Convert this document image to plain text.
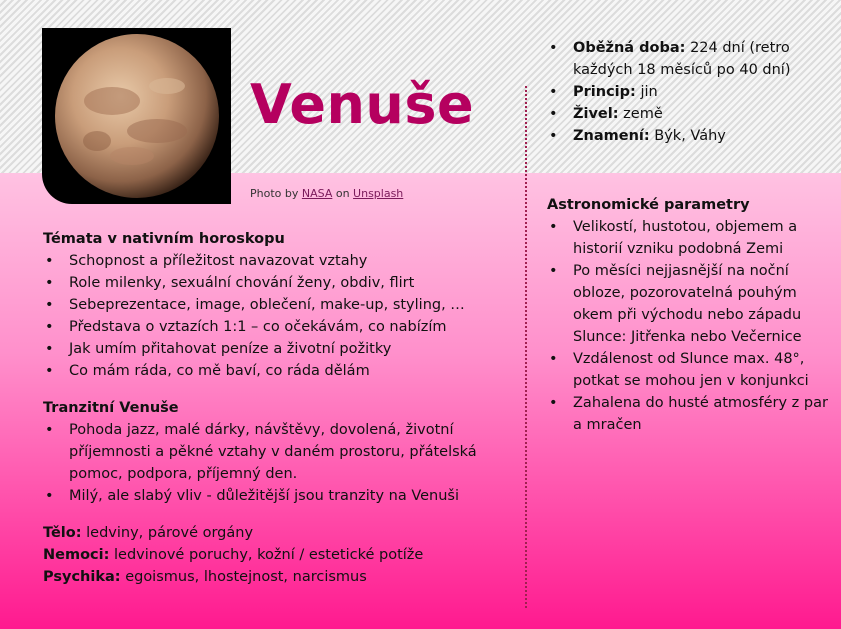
Venuše
Photo by NASA on Unsplash
• Oběžná doba: 224 dní (retro každých 18 měsíců po 40 dní)
• Princip: jin
• Živel: země
• Znamení: Býk, Váhy

Astronomické parametry

• Velikostí, hustotou, objemem a historií vzniku podobná Zemi
• Po měsíci nejjasnější na noční obloze, pozorovatelná pouhým okem při východu nebo západu Slunce: Jitřenka nebo Večernice
• Vzdálenost od Slunce max. 48°, potkat se mohou jen v konjunkci
• Zahalena do husté atmosféry z par a mračen

Témata v nativním horoskopu

• Schopnost a příležitost navazovat vztahy
• Role milenky, sexuální chování ženy, obdiv, flirt
• Sebeprezentace, image, oblečení, make-up, styling, …
• Představa o vztazích 1:1 – co očekávám, co nabízím
• Jak umím přitahovat peníze a životní požitky
• Co mám ráda, co mě baví, co ráda dělám

Tranzitní Venuše

• Pohoda jazz, malé dárky, návštěvy, dovolená, životní příjemnosti a pěkné vztahy v daném prostoru, přátelská pomoc, podpora, příjemný den.
• Milý, ale slabý vliv - důležitější jsou tranzity na Venuši

Tělo: ledviny, párové orgány

Nemoci: ledvinové poruchy, kožní / estetické potíže

Psychika: egoismus, lhostejnost, narcismus
